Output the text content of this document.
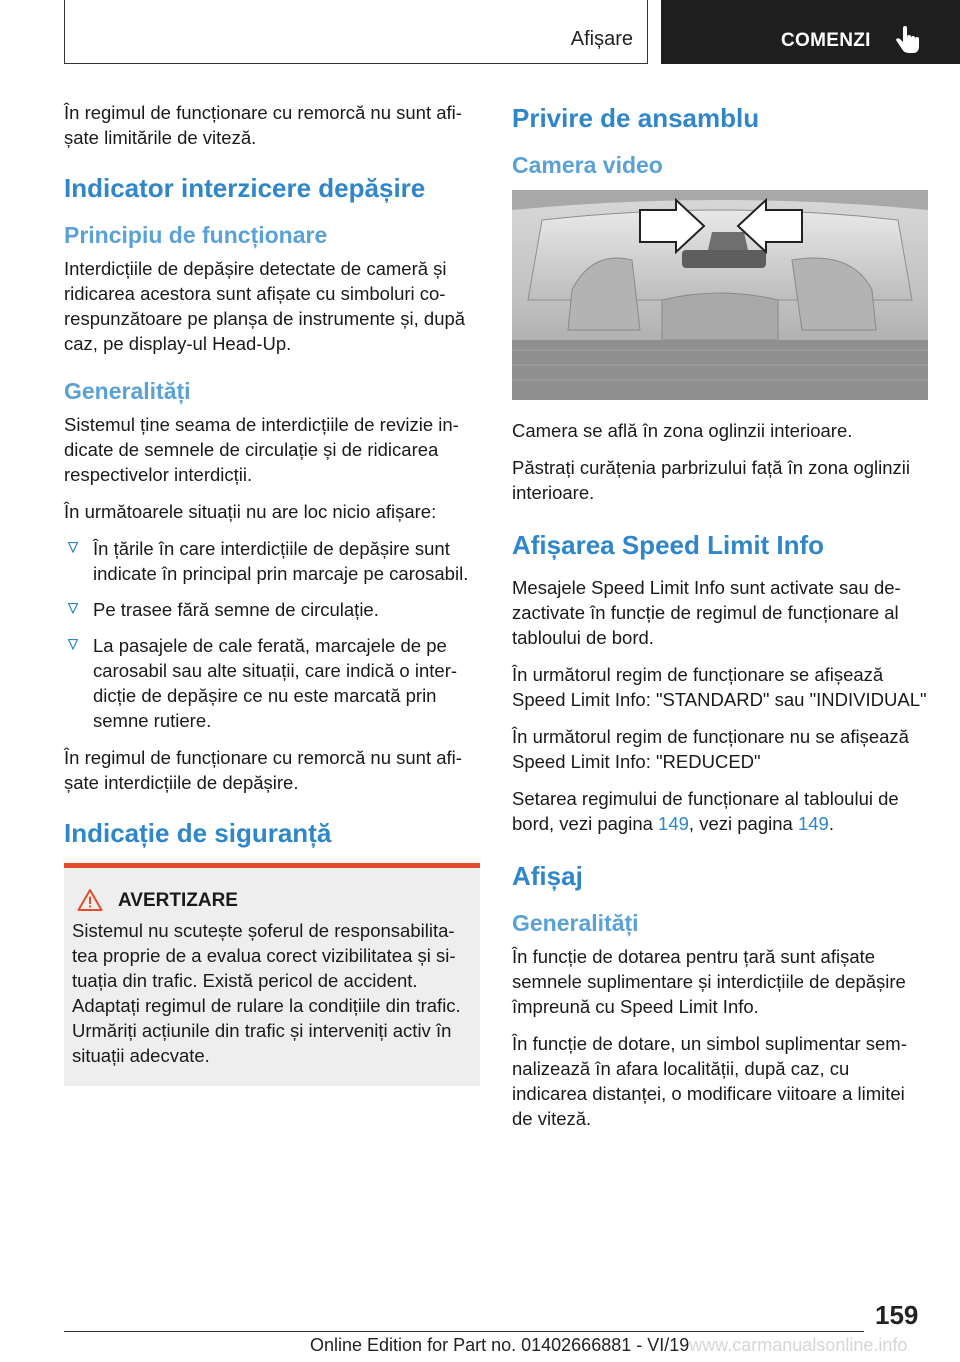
Afișare	COMENZI

În regimul de funcționare cu remorcă nu sunt afi-șate limitările de viteză.

Indicator interzicere depășire
Principiu de funcționare

Interdicțiile de depășire detectate de cameră și ridicarea acestora sunt afișate cu simboluri co-respunzătoare pe planșa de instrumente și, după caz, pe display-ul Head-Up.

Generalități

Sistemul ține seama de interdicțiile de revizie in-dicate de semnele de circulație și de ridicarea respectivelor interdicții.

În următoarele situații nu are loc nicio afișare:

În țările în care interdicțiile de depășire sunt indicate în principal prin marcaje pe carosabil.
Pe trasee fără semne de circulație.
La pasajele de cale ferată, marcajele de pe carosabil sau alte situații, care indică o inter-dicție de depășire ce nu este marcată prin semne rutiere.

În regimul de funcționare cu remorcă nu sunt afi-șate interdicțiile de depășire.

Indicație de siguranță
AVERTIZARE

Sistemul nu scutește șoferul de responsabilita-tea proprie de a evalua corect vizibilitatea și si-tuația din trafic. Există pericol de accident. Adaptați regimul de rulare la condițiile din trafic. Urmăriți acțiunile din trafic și interveniți activ în situații adecvate.

Privire de ansamblu
Camera video

Camera se află în zona oglinzii interioare.

Păstrați curățenia parbrizului față în zona oglinzii interioare.

Afișarea Speed Limit Info

Mesajele Speed Limit Info sunt activate sau de-zactivate în funcție de regimul de funcționare al tabloului de bord.

În următorul regim de funcționare se afișează Speed Limit Info: "STANDARD" sau "INDIVIDUAL"

În următorul regim de funcționare nu se afișează Speed Limit Info: "REDUCED"

Setarea regimului de funcționare al tabloului de bord, vezi pagina 149, vezi pagina 149.

Afișaj
Generalități

În funcție de dotarea pentru țară sunt afișate semnele suplimentare și interdicțiile de depășire împreună cu Speed Limit Info.

În funcție de dotare, un simbol suplimentar sem-nalizează în afara localității, după caz, cu indicarea distanței, o modificare viitoare a limitei de viteză.

159
Online Edition for Part no. 01402666881 - VI/19www.carmanualsonline.info
